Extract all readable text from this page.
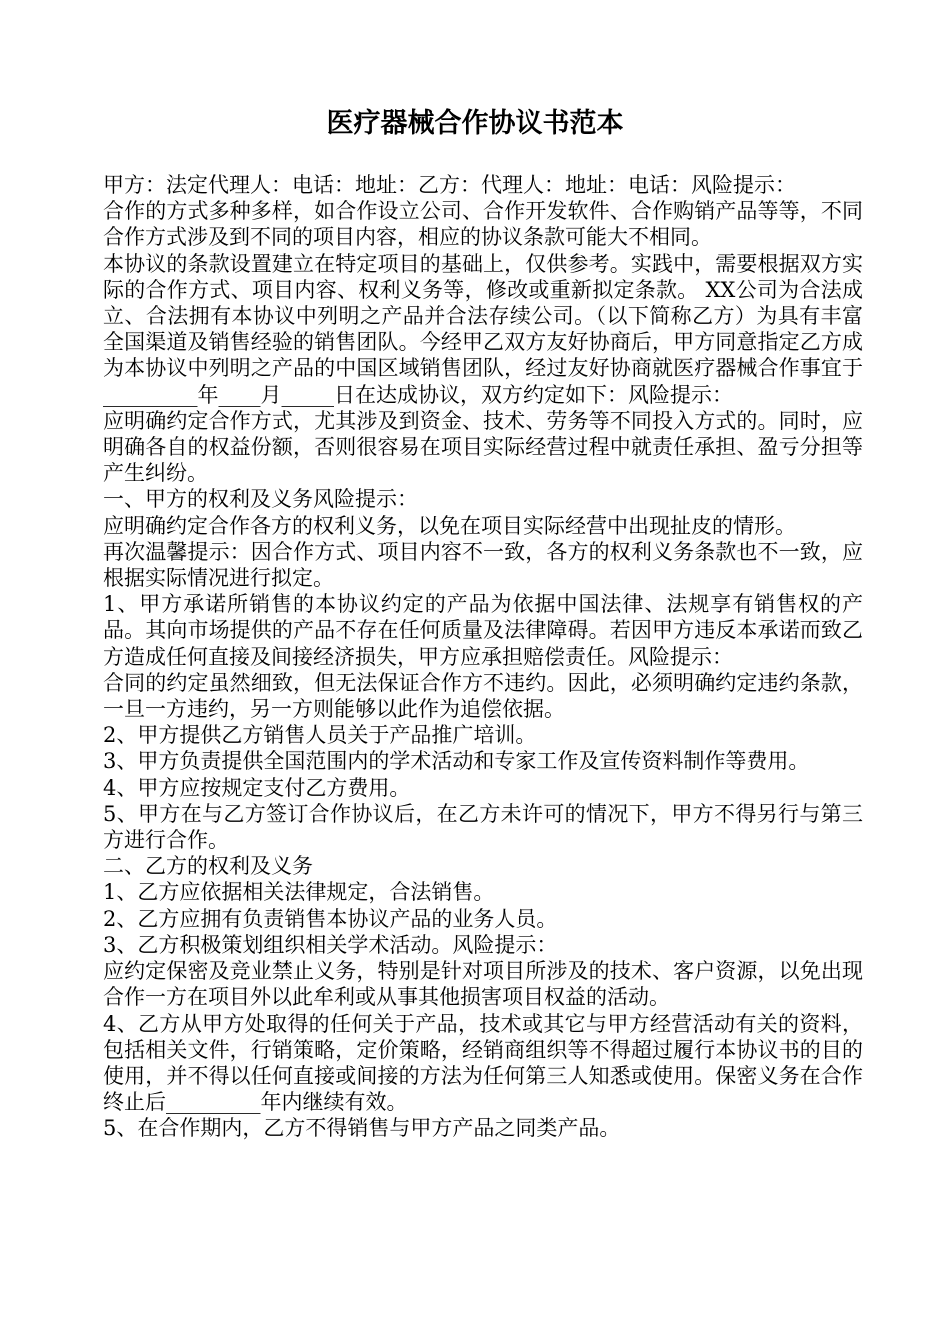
医疗器械合作协议书范本

甲方：法定代理人：电话：地址：乙方：代理人：地址：电话：风险提示：

合作的方式多种多样，如合作设立公司、合作开发软件、合作购销产品等等，不同合作方式涉及到不同的项目内容，相应的协议条款可能大不相同。

本协议的条款设置建立在特定项目的基础上，仅供参考。实践中，需要根据双方实际的合作方式、项目内容、权利义务等，修改或重新拟定条款。 XX公司为合法成立、合法拥有本协议中列明之产品并合法存续公司。（以下简称乙方）为具有丰富全国渠道及销售经验的销售团队。今经甲乙双方友好协商后，甲方同意指定乙方成为本协议中列明之产品的中国区域销售团队，经过友好协商就医疗器械合作事宜于_________年____月_____日在达成协议，双方约定如下：风险提示：

应明确约定合作方式，尤其涉及到资金、技术、劳务等不同投入方式的。同时，应明确各自的权益份额，否则很容易在项目实际经营过程中就责任承担、盈亏分担等产生纠纷。

一、甲方的权利及义务风险提示：

应明确约定合作各方的权利义务，以免在项目实际经营中出现扯皮的情形。

再次温馨提示：因合作方式、项目内容不一致，各方的权利义务条款也不一致，应根据实际情况进行拟定。

1、甲方承诺所销售的本协议约定的产品为依据中国法律、法规享有销售权的产品。其向市场提供的产品不存在任何质量及法律障碍。若因甲方违反本承诺而致乙方造成任何直接及间接经济损失，甲方应承担赔偿责任。风险提示：

合同的约定虽然细致，但无法保证合作方不违约。因此，必须明确约定违约条款，一旦一方违约，另一方则能够以此作为追偿依据。

2、甲方提供乙方销售人员关于产品推广培训。

3、甲方负责提供全国范围内的学术活动和专家工作及宣传资料制作等费用。

4、甲方应按规定支付乙方费用。

5、甲方在与乙方签订合作协议后，在乙方未许可的情况下，甲方不得另行与第三方进行合作。

二、乙方的权利及义务

1、乙方应依据相关法律规定，合法销售。

2、乙方应拥有负责销售本协议产品的业务人员。

3、乙方积极策划组织相关学术活动。风险提示：

应约定保密及竞业禁止义务，特别是针对项目所涉及的技术、客户资源，以免出现合作一方在项目外以此牟利或从事其他损害项目权益的活动。

4、乙方从甲方处取得的任何关于产品，技术或其它与甲方经营活动有关的资料，包括相关文件，行销策略，定价策略，经销商组织等不得超过履行本协议书的目的使用，并不得以任何直接或间接的方法为任何第三人知悉或使用。保密义务在合作终止后_________年内继续有效。

5、在合作期内，乙方不得销售与甲方产品之同类产品。
